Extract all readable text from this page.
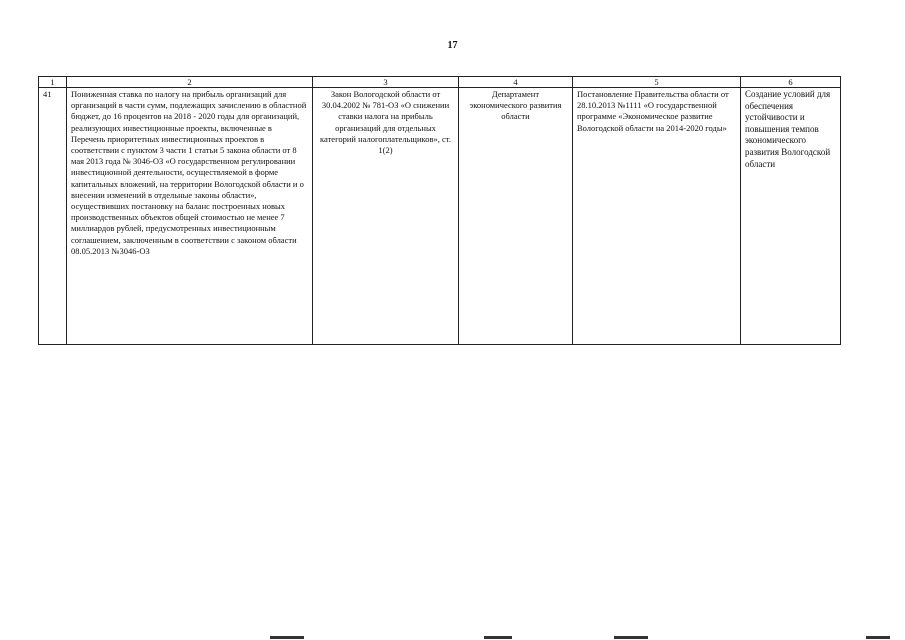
17
1	2	3	4	5	6
41	Пониженная ставка по налогу на прибыль организаций для организаций в части сумм, подлежащих зачислению в областной бюджет, до 16 процентов на 2018 - 2020 годы для организаций, реализующих инвестиционные проекты, включенные в Перечень приоритетных инвестиционных проектов в соответствии с пунктом 3 части 1 статьи 5 закона области от 8 мая 2013 года № 3046-ОЗ «О государственном регулировании инвестиционной деятельности, осуществляемой в форме капитальных вложений, на территории Вологодской области и о внесении изменений в отдельные законы области», осуществивших постановку на баланс построенных новых производственных объектов общей стоимостью не менее 7 миллиардов рублей, предусмотренных инвестиционным соглашением, заключенным в соответствии с законом области 08.05.2013 №3046-ОЗ	Закон Вологодской области от 30.04.2002 № 781-ОЗ «О снижении ставки налога на прибыль организаций для отдельных категорий налогоплательщиков», ст. 1(2)	Департамент экономического развития области	Постановление Правительства области от 28.10.2013 №1111 «О государственной программе «Экономическое развитие Вологодской области на 2014-2020 годы»	Создание условий для обеспечения устойчивости и повышения темпов экономического развития Вологодской области
